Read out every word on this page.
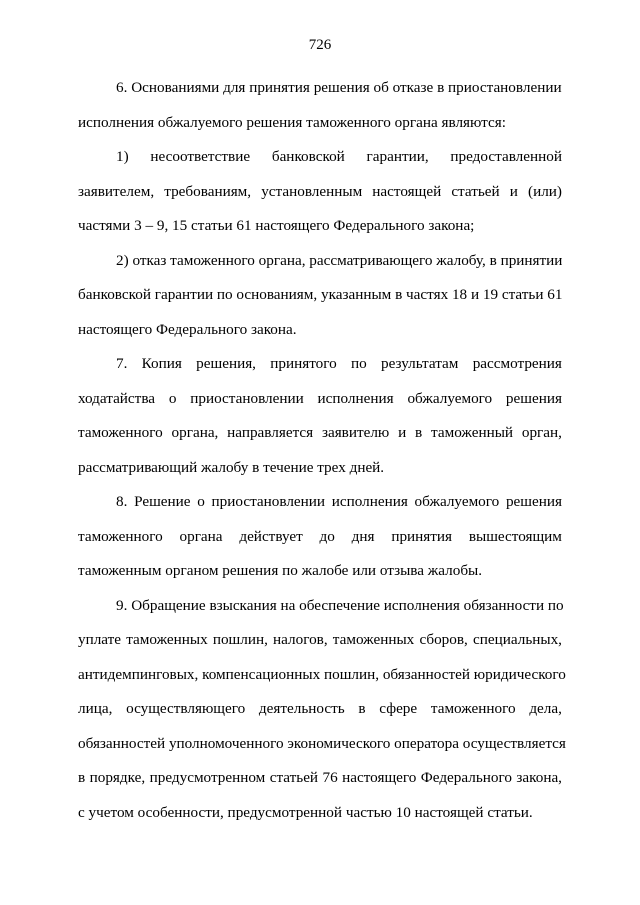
726
6. Основаниями для принятия решения об отказе в приостановлении
исполнения обжалуемого решения таможенного органа являются:
1) несоответствие банковской гарантии, предоставленной
заявителем, требованиям, установленным настоящей статьей и (или)
частями 3 – 9, 15 статьи 61 настоящего Федерального закона;
2) отказ таможенного органа, рассматривающего жалобу, в принятии
банковской гарантии по основаниям, указанным в частях 18 и 19 статьи 61
настоящего Федерального закона.
7. Копия решения, принятого по результатам рассмотрения
ходатайства о приостановлении исполнения обжалуемого решения
таможенного органа, направляется заявителю и в таможенный орган,
рассматривающий жалобу в течение трех дней.
8. Решение о приостановлении исполнения обжалуемого решения
таможенного органа действует до дня принятия вышестоящим
таможенным органом решения по жалобе или отзыва жалобы.
9. Обращение взыскания на обеспечение исполнения обязанности по
уплате таможенных пошлин, налогов, таможенных сборов, специальных,
антидемпинговых, компенсационных пошлин, обязанностей юридического
лица, осуществляющего деятельность в сфере таможенного дела,
обязанностей уполномоченного экономического оператора осуществляется
в порядке, предусмотренном статьей 76 настоящего Федерального закона,
с учетом особенности, предусмотренной частью 10 настоящей статьи.
